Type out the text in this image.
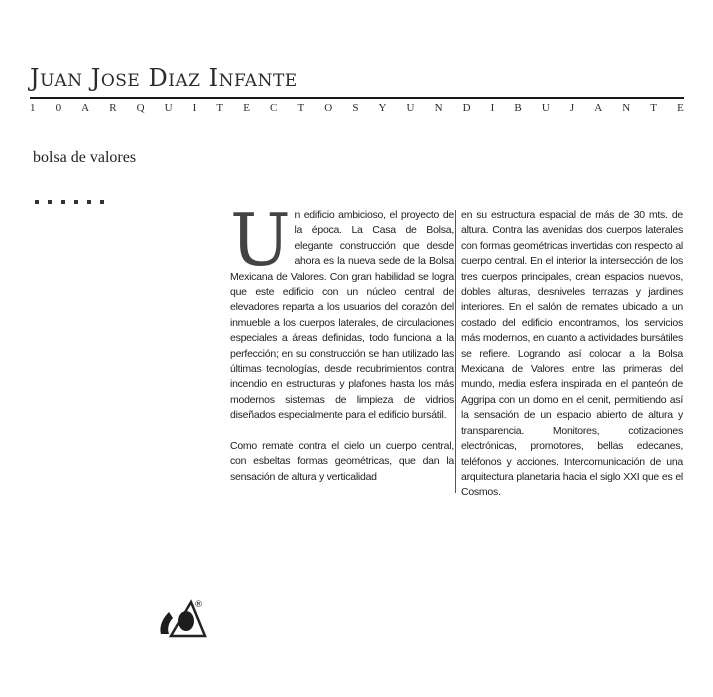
Juan Jose Diaz Infante
1 0 A R Q U I T E C T O S Y U N D I B U J A N T E
bolsa de valores

Un edificio ambicioso, el proyecto de la época. La Casa de Bolsa, elegante construcción que desde ahora es la nueva sede de la Bolsa Mexicana de Valores. Con gran habilidad se logra que este edificio con un núcleo central de elevadores reparta a los usuarios del corazón del inmueble a los cuerpos laterales, de circulaciones especiales a áreas definidas, todo funciona a la perfección; en su construcción se han utilizado las últimas tecnologías, desde recubrimientos contra incendio en estructuras y plafones hasta los más modernos sistemas de limpieza de vidrios diseñados especialmente para el edificio bursátil.

Como remate contra el cielo un cuerpo central, con esbeltas formas geométricas, que dan la sensación de altura y verticalidad

en su estructura espacial de más de 30 mts. de altura. Contra las avenidas dos cuerpos laterales con formas geométricas invertidas con respecto al cuerpo central. En el interior la intersección de los tres cuerpos principales, crean espacios nuevos, dobles alturas, desniveles terrazas y jardines interiores. En el salón de remates ubicado a un costado del edificio encontramos, los servicios más modernos, en cuanto a actividades bursátiles se refiere. Logrando así colocar a la Bolsa Mexicana de Valores entre las primeras del mundo, media esfera inspirada en el panteón de Aggripa con un domo en el cenit, permitiendo así la sensación de un espacio abierto de altura y transparencia. Monitores, cotizaciones electrónicas, promotores, bellas edecanes, teléfonos y acciones. Intercomunicación de una arquitectura planetaria hacia el siglo XXI que es el Cosmos.

®
